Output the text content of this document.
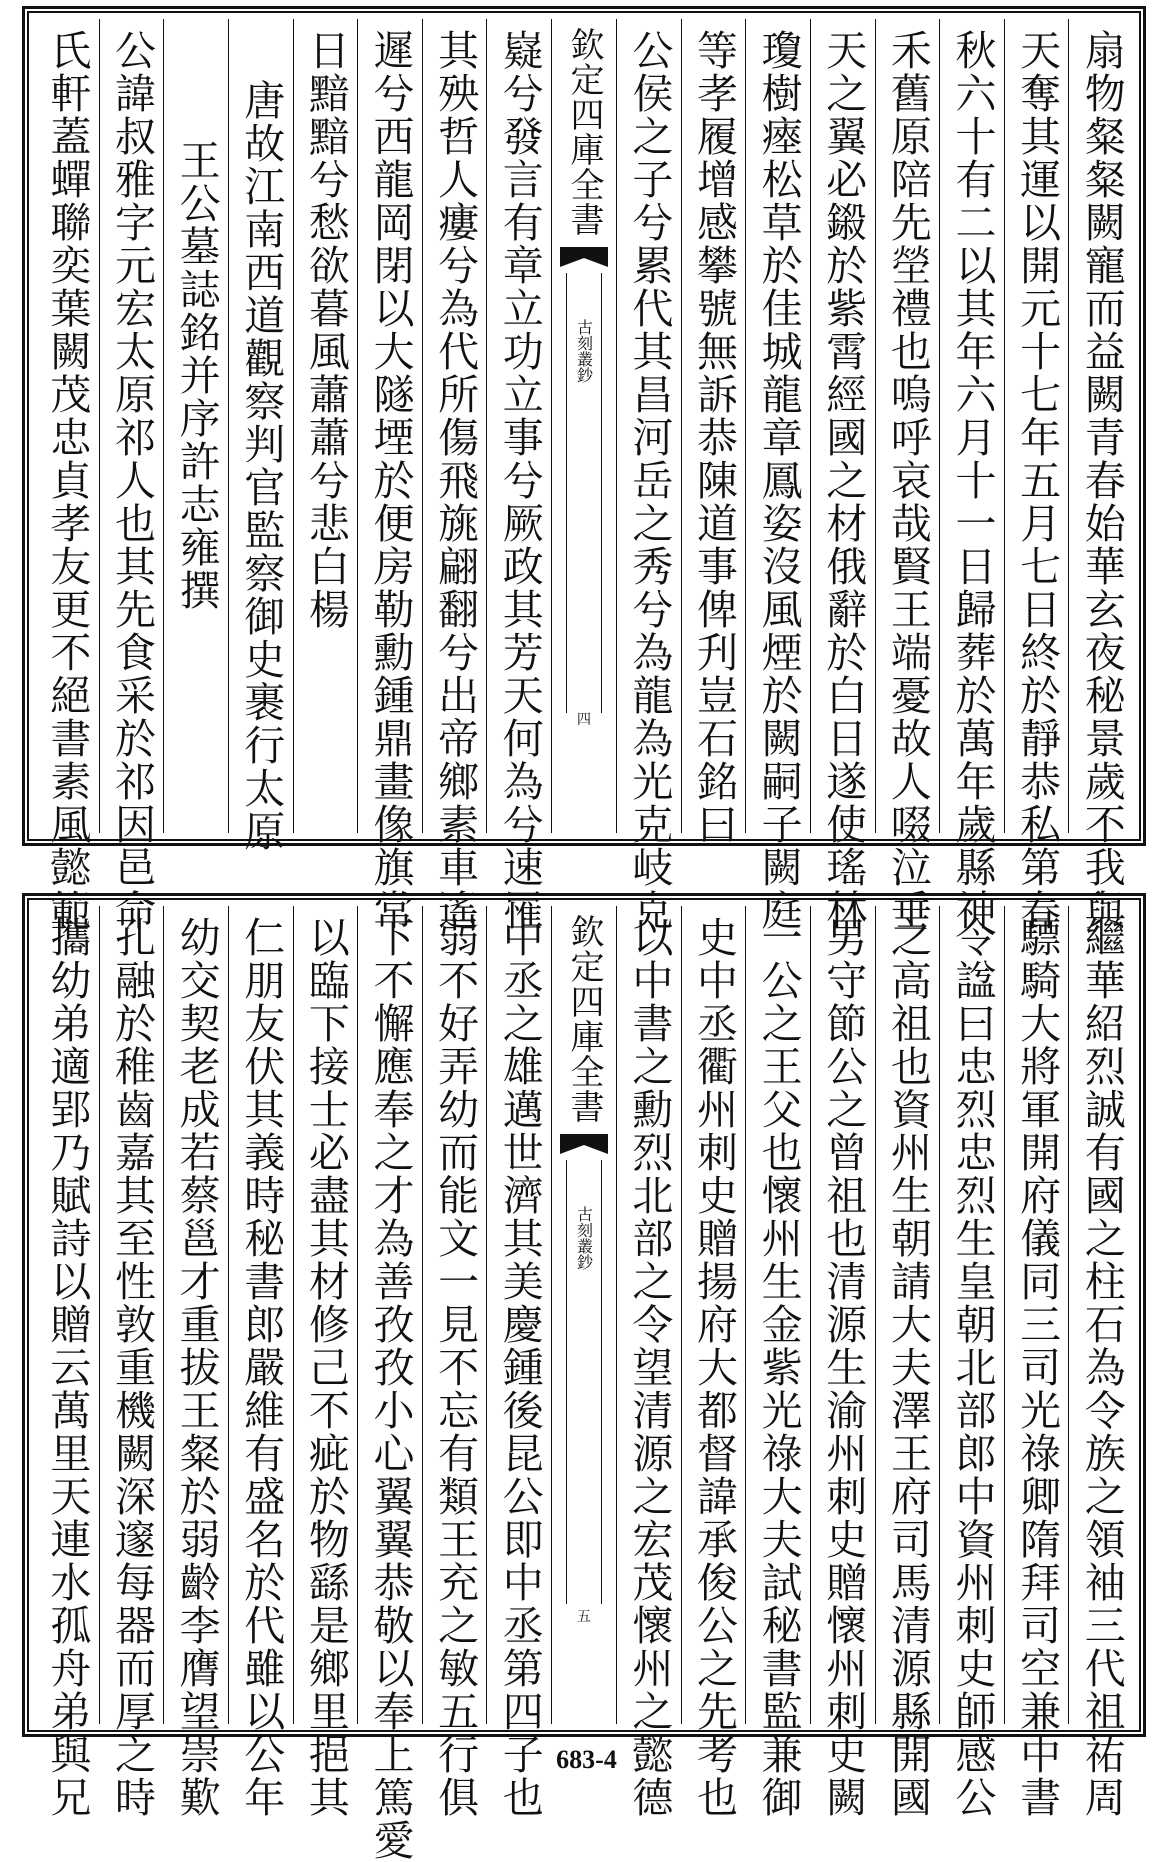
扇物粲粲闕寵而益闕青春始華玄夜秘景歲不我與
天奪其運以開元十七年五月七日終於靜恭私第春
秋六十有二以其年六月十一日歸葬於萬年歲縣神
禾舊原陪先塋禮也嗚呼哀哉賢王端憂故人啜泣垂
天之翼必鎩於紫霄經國之材俄辭於白日遂使瑤林
瓊樹瘞松草於佳城龍章鳳姿沒風煙於闕嗣子闕庭
等孝履增感攀號無訴恭陳道事俾刋豈石銘曰
公侯之子兮累代其昌河岳之秀兮為龍為光克岐克
欽定四庫全書
古刻叢鈔
四
嶷兮發言有章立功立事兮厥政其芳天何為兮速罹
其殃哲人瘻兮為代所傷飛旐翩翻兮出帝鄉素車遙
遲兮西龍岡閉以大隧堙於便房勒勳鍾鼎畫像旗常
日黯黯兮愁欲暮風蕭蕭兮悲白楊
唐故江南西道觀察判官監察御史裹行太原
王公墓誌銘并序許志雍撰
公諱叔雅字元宏太原祁人也其先食采於祁因邑命
氏軒蓋蟬聯奕葉闕茂忠貞孝友更不絕書素風懿範
繼華紹烈誠有國之柱石為令族之領袖三代祖祐周
驃騎大將軍開府儀同三司光祿卿隋拜司空兼中書
令諡曰忠烈忠烈生皇朝北部郎中資州刺史師感公
之高祖也資州生朝請大夫澤王府司馬清源縣開國
男守節公之曾祖也清源生渝州刺史贈懷州刺史闕
一公之王父也懷州生金紫光祿大夫試秘書監兼御
史中丞衢州刺史贈揚府大都督諱承俊公之先考也
以中書之勳烈北部之令望清源之宏茂懷州之懿德
欽定四庫全書
古刻叢鈔
五
中丞之雄邁世濟其美慶鍾後昆公即中丞第四子也
弱不好弄幼而能文一見不忘有類王充之敏五行俱
下不懈應奉之才為善孜孜小心翼翼恭敬以奉上篤愛
以臨下接士必盡其材修己不疵於物繇是鄉里挹其
仁朋友伏其義時秘書郎嚴維有盛名於代雖以公年
幼交契老成若蔡邕才重拔王粲於弱齡李膺望崇歎
孔融於稚齒嘉其至性敦重機闕深邃每器而厚之時
攜幼弟適郢乃賦詩以贈云萬里天連水孤舟弟與兄	683-4
